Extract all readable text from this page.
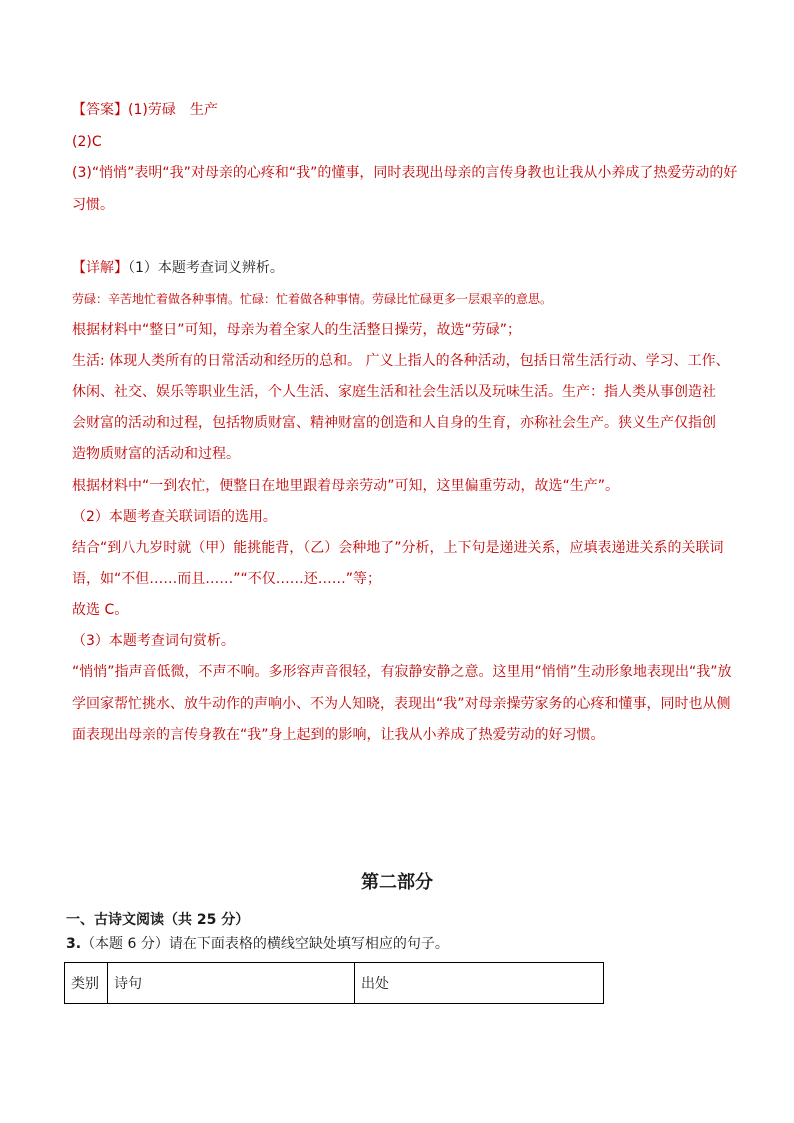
【答案】(1)劳碌　生产
(2)C
(3)“悄悄”表明“我”对母亲的心疼和“我”的懂事，同时表现出母亲的言传身教也让我从小养成了热爱劳动的好
习惯。
【详解】（1）本题考查词义辨析。
劳碌：辛苦地忙着做各种事情。忙碌：忙着做各种事情。劳碌比忙碌更多一层艰辛的意思。
根据材料中“整日”可知，母亲为着全家人的生活整日操劳，故选“劳碌”；
生活: 体现人类所有的日常活动和经历的总和。 广义上指人的各种活动，包括日常生活行动、学习、工作、
休闲、社交、娱乐等职业生活，个人生活、家庭生活和社会生活以及玩味生活。生产：指人类从事创造社
会财富的活动和过程，包括物质财富、精神财富的创造和人自身的生育，亦称社会生产。狭义生产仅指创
造物质财富的活动和过程。
根据材料中“一到农忙，便整日在地里跟着母亲劳动”可知，这里偏重劳动，故选“生产”。
（2）本题考查关联词语的选用。
结合“到八九岁时就（甲）能挑能背，（乙）会种地了”分析，上下句是递进关系，应填表递进关系的关联词
语，如“不但……而且……”“不仅……还……”等；
故选 C。
（3）本题考查词句赏析。
“悄悄”指声音低微，不声不响。多形容声音很轻，有寂静安静之意。这里用“悄悄”生动形象地表现出“我”放
学回家帮忙挑水、放牛动作的声响小、不为人知晓，表现出“我”对母亲操劳家务的心疼和懂事，同时也从侧
面表现出母亲的言传身教在“我”身上起到的影响，让我从小养成了热爱劳动的好习惯。
第二部分
一、古诗文阅读（共 25 分）
3.（本题 6 分）请在下面表格的横线空缺处填写相应的句子。
类别	诗句	出处
